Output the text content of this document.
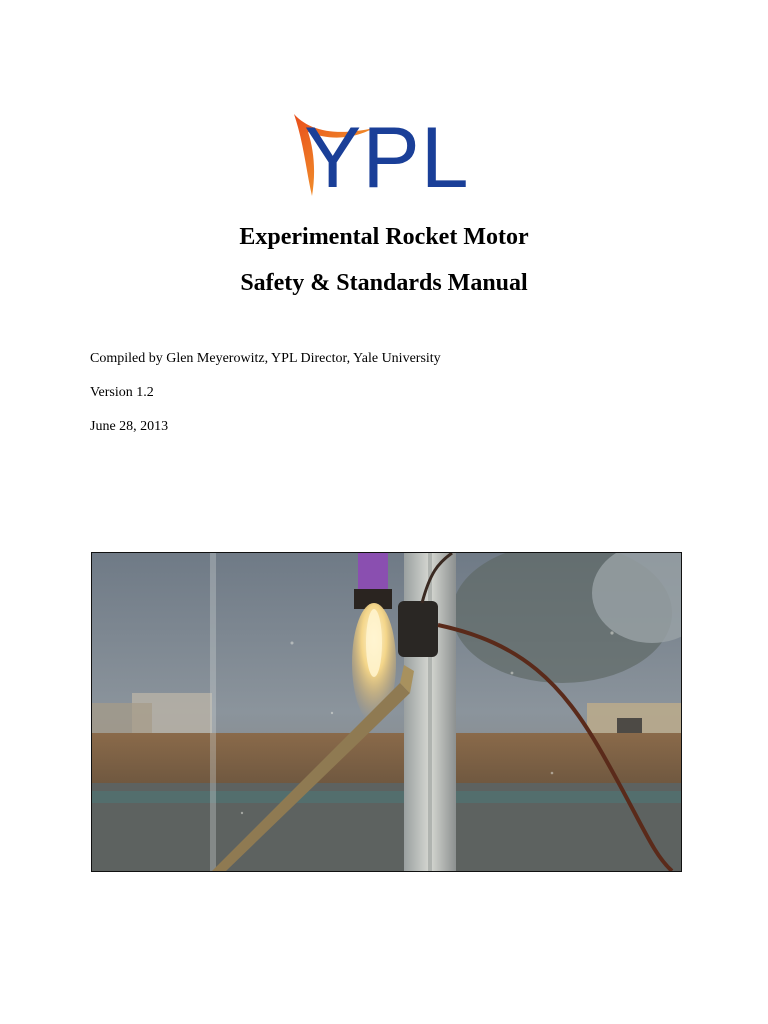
YPL
Experimental Rocket Motor
Safety & Standards Manual
Compiled by Glen Meyerowitz, YPL Director, Yale University
Version 1.2
June 28, 2013
